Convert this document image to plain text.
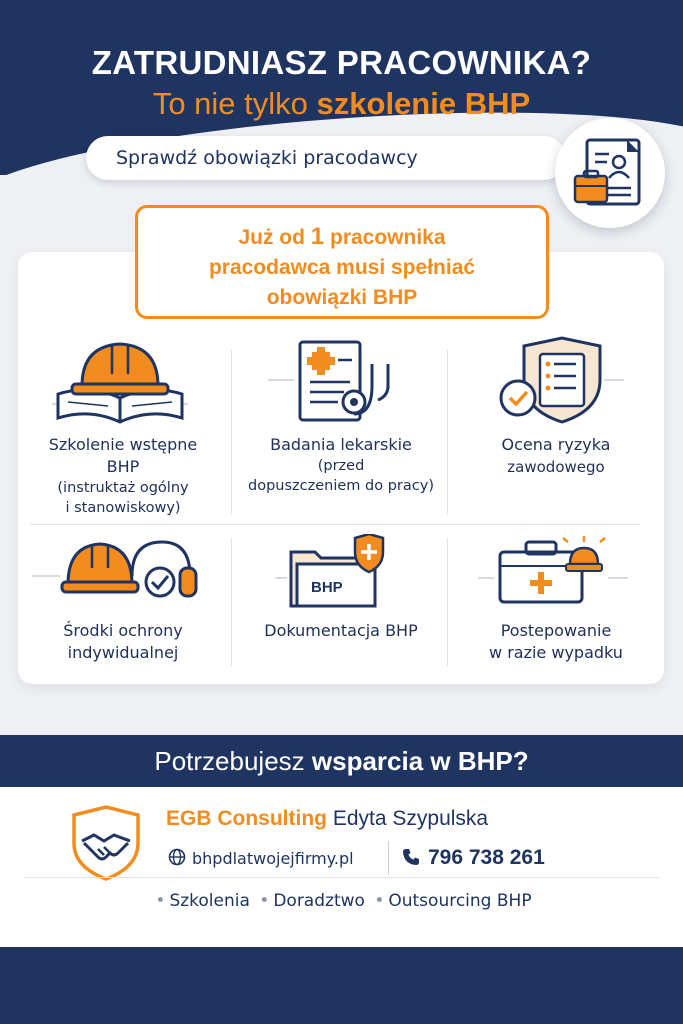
ZATRUDNIASZ PRACOWNIKA?
To nie tylko szkolenie BHP
Sprawdź obowiązki pracodawcy
Już od 1 pracownika
pracodawca musi spełniać
obowiązki BHP
BHP
Szkolenie wstępne
BHP
(instruktaż ogólny
i stanowiskowy)
Badania lekarskie
(przed
dopuszczeniem do pracy)
Ocena ryzyka
zawodowego
Środki ochrony
indywidualnej
Dokumentacja BHP	Postepowanie
w razie wypadku
Potrzebujesz wsparcia w BHP?
EGB Consulting Edyta Szypulska
bhpdlatwojejfirmy.pl	796 738 261
• Szkolenia • Doradztwo • Outsourcing BHP
